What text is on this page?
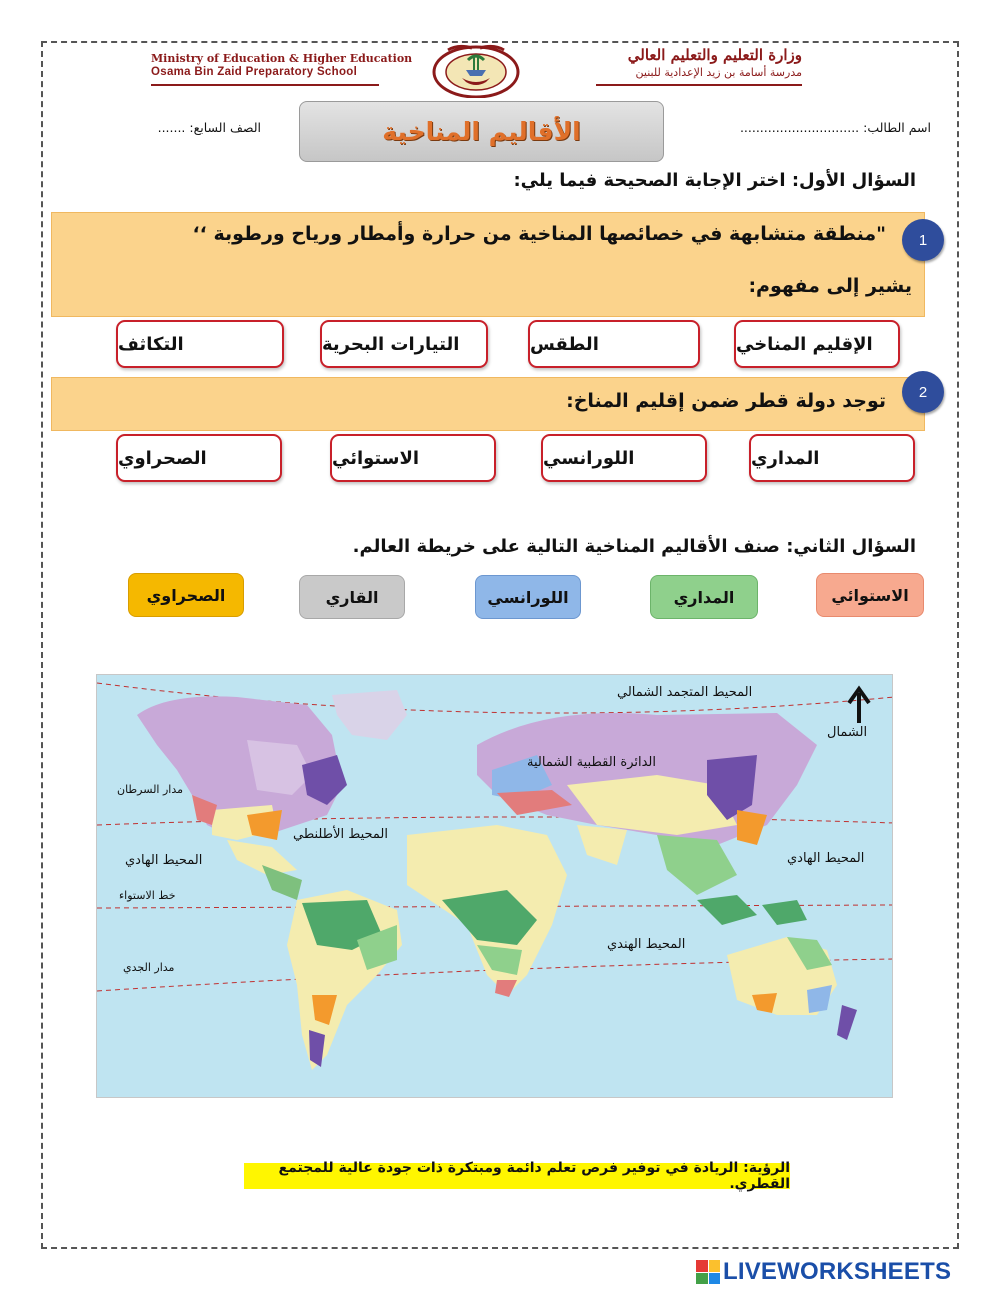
Ministry of Education & Higher Education
Osama Bin Zaid Preparatory School
وزارة التعليم والتعليم العالي
مدرسة أسامة بن زيد الإعدادية للبنين
الأقاليم المناخية	اسم الطالب: ..............................
الصف السابع: .......
السؤال الأول: اختر الإجابة الصحيحة فيما يلي:
"منطقة متشابهة في خصائصها المناخية من حرارة وأمطار ورياح ورطوبة ‘‘
يشير إلى مفهوم:
1
الإقليم المناخي
الطقس
التيارات البحرية
التكاثف
توجد دولة قطر ضمن إقليم المناخ:	2
المداري
اللورانسي
الاستوائي
الصحراوي
السؤال الثاني: صنف الأقاليم المناخية التالية على خريطة العالم.
الاستوائي
المداري
اللورانسي
القاري
الصحراوي
المحيط المتجمد الشمالي
الشمال
الدائرة القطبية الشمالية
مدار السرطان
المحيط الأطلنطي
المحيط الهادي	المحيط الهادي
خط الاستواء
المحيط الهندي
مدار الجدي
الرؤية: الريادة في توفير فرص تعلم دائمة ومبتكرة ذات جودة عالية للمجتمع القطري.
LIVEWORKSHEETS
